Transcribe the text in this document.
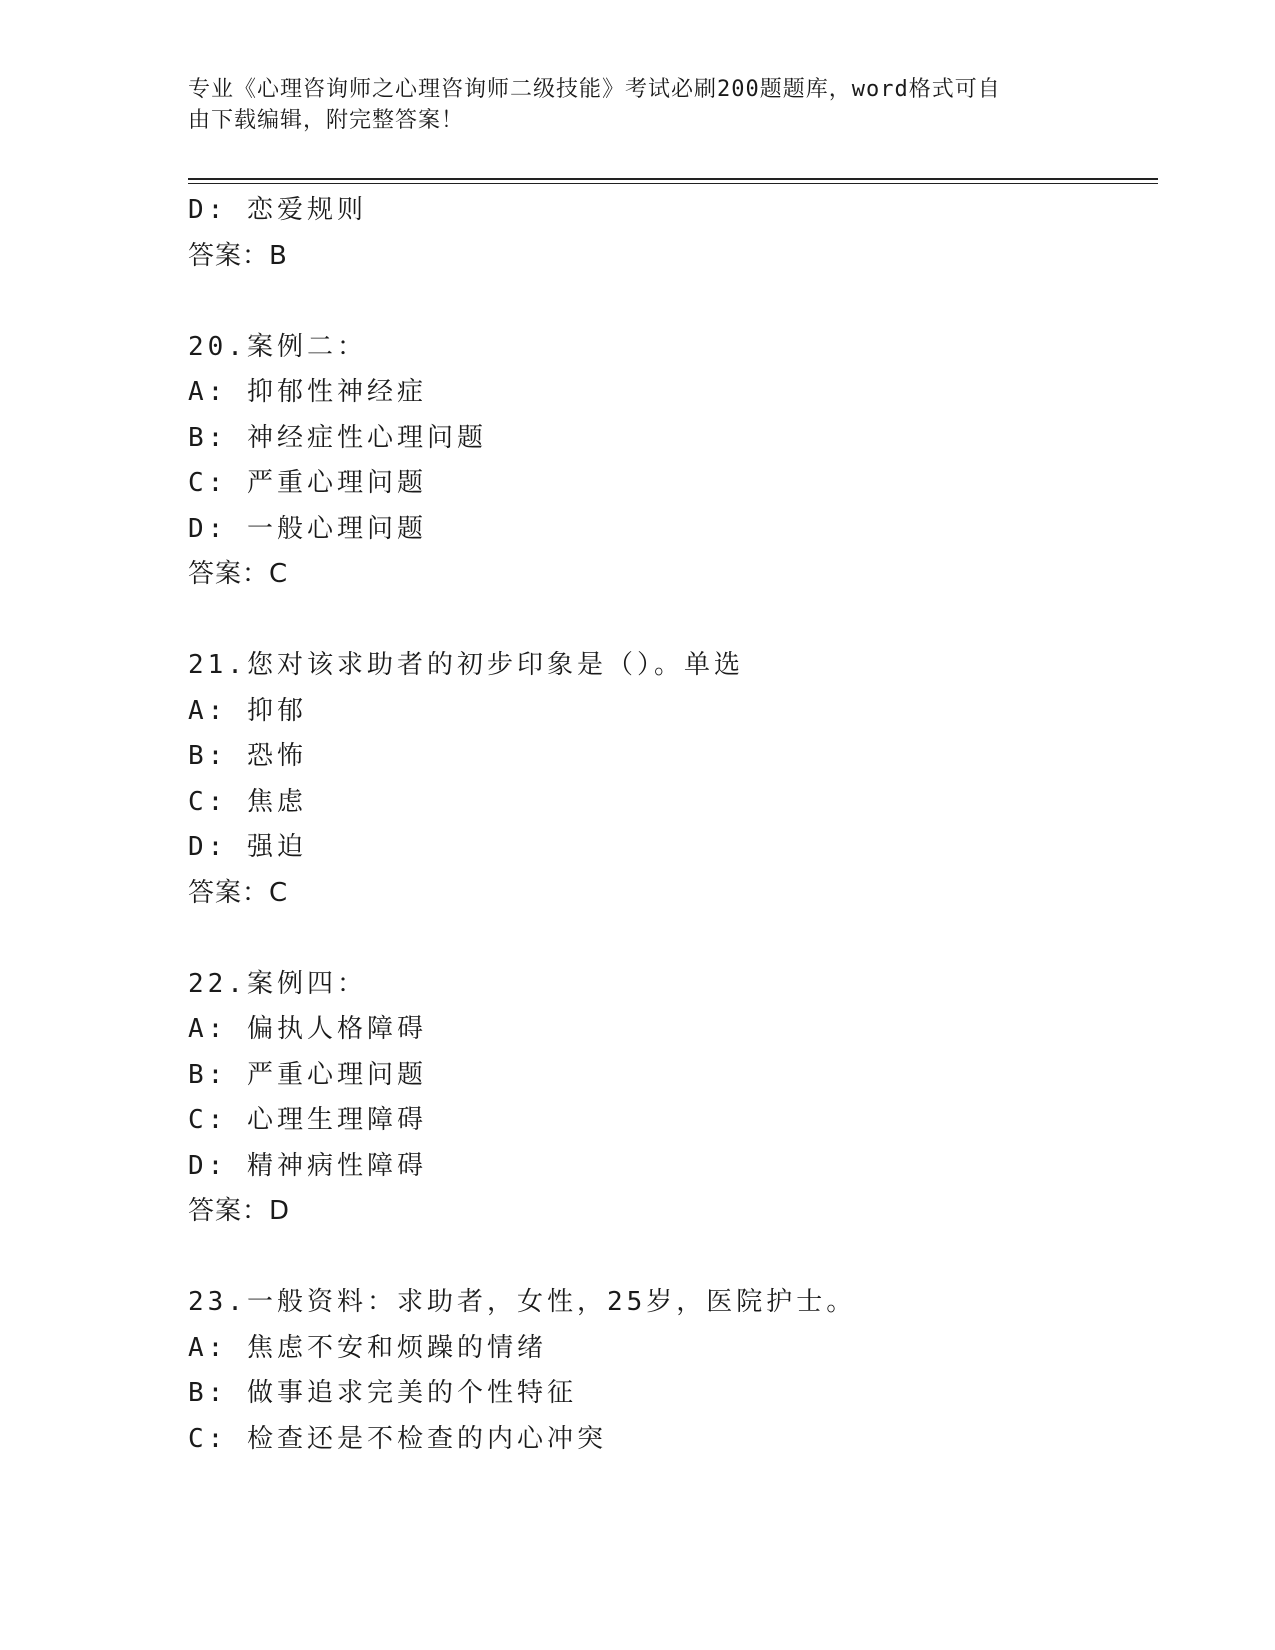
专业《心理咨询师之心理咨询师二级技能》考试必刷200题题库，word格式可自
由下载编辑，附完整答案！
D: 恋爱规则
答案：B
20.案例二：
A: 抑郁性神经症
B: 神经症性心理问题
C: 严重心理问题
D: 一般心理问题
答案：C
21.您对该求助者的初步印象是（）。单选
A: 抑郁
B: 恐怖
C: 焦虑
D: 强迫
答案：C
22.案例四：
A: 偏执人格障碍
B: 严重心理问题
C: 心理生理障碍
D: 精神病性障碍
答案：D
23.一般资料：求助者，女性，25岁，医院护士。
A: 焦虑不安和烦躁的情绪
B: 做事追求完美的个性特征
C: 检查还是不检查的内心冲突
